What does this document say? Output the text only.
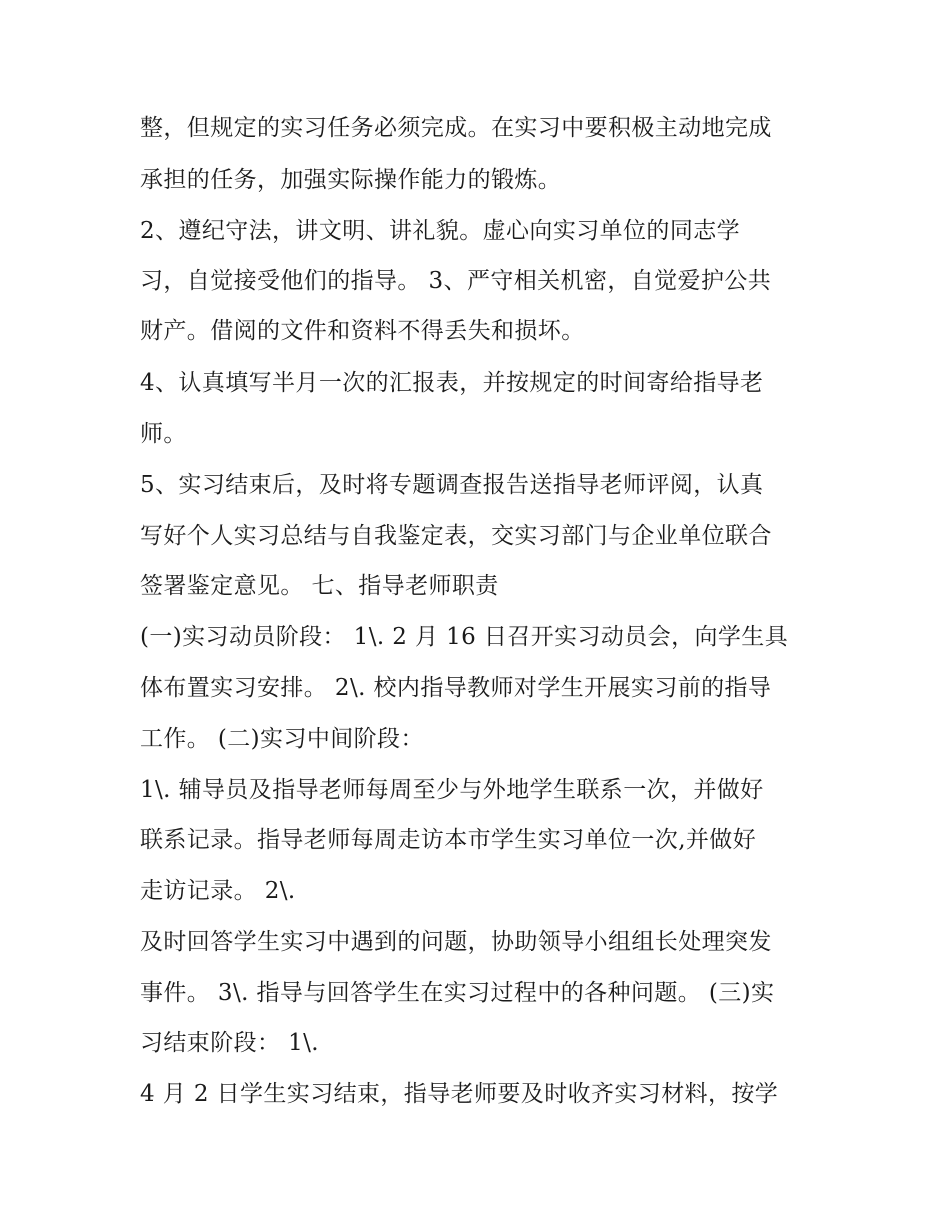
整，但规定的实习任务必须完成。在实习中要积极主动地完成
承担的任务，加强实际操作能力的锻炼。
2、遵纪守法，讲文明、讲礼貌。虚心向实习单位的同志学
习，自觉接受他们的指导。 3、严守相关机密，自觉爱护公共
财产。借阅的文件和资料不得丢失和损坏。
4、认真填写半月一次的汇报表，并按规定的时间寄给指导老
师。
5、实习结束后，及时将专题调查报告送指导老师评阅，认真
写好个人实习总结与自我鉴定表，交实习部门与企业单位联合
签署鉴定意见。 七、指导老师职责
(一)实习动员阶段： 1\. 2 月 16 日召开实习动员会，向学生具
体布置实习安排。 2\. 校内指导教师对学生开展实习前的指导
工作。 (二)实习中间阶段：
1\. 辅导员及指导老师每周至少与外地学生联系一次，并做好
联系记录。指导老师每周走访本市学生实习单位一次,并做好
走访记录。 2\.
及时回答学生实习中遇到的问题，协助领导小组组长处理突发
事件。 3\. 指导与回答学生在实习过程中的各种问题。 (三)实
习结束阶段： 1\.
4 月 2 日学生实习结束，指导老师要及时收齐实习材料，按学
